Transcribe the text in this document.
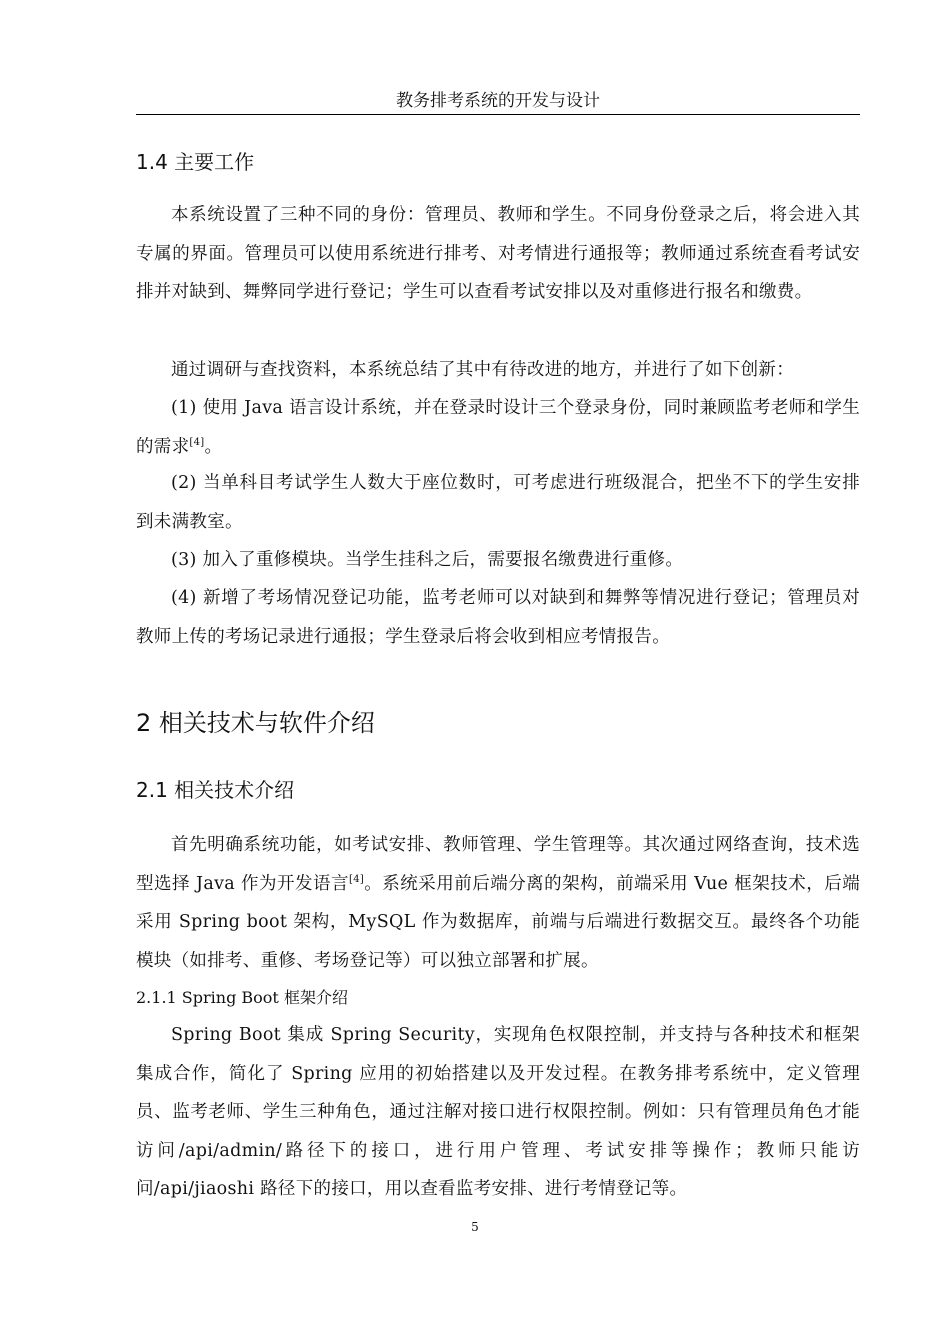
教务排考系统的开发与设计
1.4 主要工作

本系统设置了三种不同的身份：管理员、教师和学生。不同身份登录之后，将会进入其专属的界面。管理员可以使用系统进行排考、对考情进行通报等；教师通过系统查看考试安排并对缺到、舞弊同学进行登记；学生可以查看考试安排以及对重修进行报名和缴费。

通过调研与查找资料，本系统总结了其中有待改进的地方，并进行了如下创新：

(1) 使用 Java 语言设计系统，并在登录时设计三个登录身份，同时兼顾监考老师和学生的需求[4]。

(2) 当单科目考试学生人数大于座位数时，可考虑进行班级混合，把坐不下的学生安排到未满教室。

(3) 加入了重修模块。当学生挂科之后，需要报名缴费进行重修。

(4) 新增了考场情况登记功能，监考老师可以对缺到和舞弊等情况进行登记；管理员对教师上传的考场记录进行通报；学生登录后将会收到相应考情报告。

2 相关技术与软件介绍
2.1 相关技术介绍

首先明确系统功能，如考试安排、教师管理、学生管理等。其次通过网络查询，技术选型选择 Java 作为开发语言[4]。系统采用前后端分离的架构，前端采用 Vue 框架技术，后端采用 Spring boot 架构，MySQL 作为数据库，前端与后端进行数据交互。最终各个功能模块（如排考、重修、考场登记等）可以独立部署和扩展。

2.1.1 Spring Boot 框架介绍

Spring Boot 集成 Spring Security，实现角色权限控制，并支持与各种技术和框架集成合作，简化了 Spring 应用的初始搭建以及开发过程。在教务排考系统中，定义管理员、监考老师、学生三种角色，通过注解对接口进行权限控制。例如：只有管理员角色才能访问/api/admin/路径下的接口，进行用户管理、考试安排等操作；教师只能访问/api/jiaoshi 路径下的接口，用以查看监考安排、进行考情登记等。

5
